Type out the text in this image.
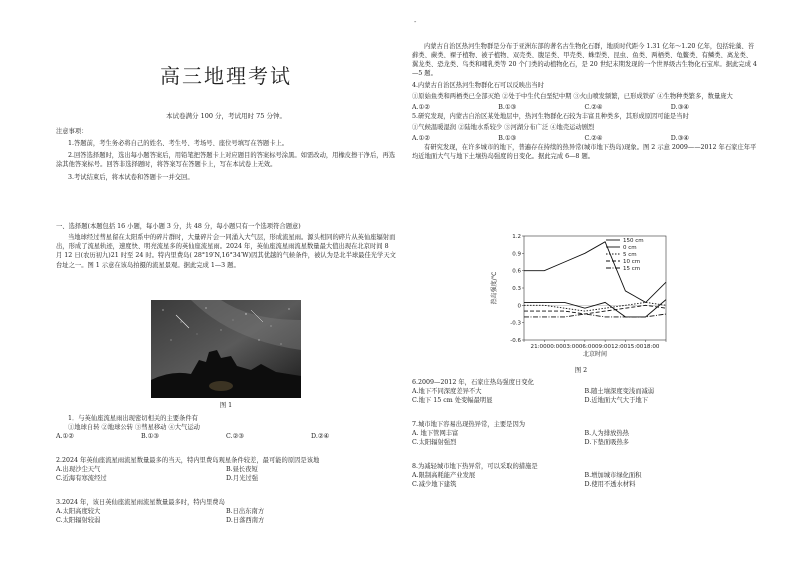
-
高三地理考试
本试卷满分 100 分，考试用时 75 分钟。

注意事项：

1.答题前，考生务必将自己的姓名、考生号、考场号、座位号填写在答题卡上。

2.回答选择题时，选出每小题答案后，用铅笔把答题卡上对应题目的答案标号涂黑。如需改动，用橡皮擦干净后，再选涂其他答案标号。回答非选择题时，将答案写在答题卡上，写在本试卷上无效。

3.考试结束后，将本试卷和答题卡一并交回。

一、选择题(本题包括 16 小题，每小题 3 分，共 48 分，每小题只有一个选项符合题意)

当地球经过彗星留在太阳系中的碎片群时，大量碎片会一同涌入大气层，形成流星雨。源头相同的碎片从英仙座辐射而出，形成了流星轨迹，速度快、明亮流星多的英仙座流星雨。2024 年，英仙座流星雨流星数量最大值出现在北京时间 8 月 12 日(农历初九)21 时至 24 时。特内里费岛( 28°19′N,16°34′W)因其优越的气候条件，被认为是北半球最佳光学天文台址之一。图 1 示意在该岛拍摄的流星景观。据此完成 1—3 题。

图 1
1．与英仙座流星雨出现密切相关的主要条件有
①地球自转 ②地球公转 ③彗星移动 ④大气运动
A.①②	B.①③	C.②③	D.②④
2.2024 年英仙座流星雨流星数量最多的当天，特内里费岛观星条件较差，最可能的原因是该地
A.出现沙尘天气	B.昼长夜短
C.近海有寒流经过	D.月光过强
3.2024 年，该日英仙座流星雨流星数量最多时，特内里费岛
A.太阳高度较大	B.日出东南方
C.太阳辐射较弱	D.日落西南方

内蒙古自治区热河生物群是分布于亚洲东部的著名古生物化石群，地质时代距今 1.31 亿年～1.20 亿年，包括轮藻、苔藓类、蕨类、裸子植物、被子植物、双壳类、腹足类、甲壳类、蛛型类、昆虫、鱼类、两栖类、龟鳖类、有鳞类、离龙类、翼龙类、恐龙类、鸟类和哺乳类等 20 个门类的动植物化石，是 20 世纪末期发现的一个世界级古生物化石宝库。据此完成 4—5 题。

4.内蒙古自治区热河生物群化石可以反映出当时

①原始鱼类和两栖类已全部灭绝 ②处于中生代白垩纪中期 ③火山喷发频繁，已形成铁矿 ④生物种类繁多，数量庞大

A.①②	B.①③	C.②④	D.③④

5.研究发现，内蒙古自治区某处地层中，热河生物群化石较为丰富且种类多，其形成原因可能是当时

①气候温暖湿润 ②陆地水系较少 ③河湖分布广泛 ④地壳运动剧烈

A.①②	B.①③	C.②④	D.③④

有研究发现，在许多城市的地下，普遍存在持续的热异常(城市地下热岛)现象。图 2 示意 2009——2012 年石家庄年平均近地面大气与地下土壤热岛强度的日变化。据此完成 6—8 题。

1.2
0.9
0.6
0.3
0
-0.3
-0.6
21:0000:0003:0006:0009:0012:0015:0018:00
北京时间
热岛强度/℃
150 cm
0 cm
5 cm
10 cm
15 cm
图 2
6.2009—2012 年，石家庄热岛强度日变化
A.地下不同深度差异不大	B.随土壤深度变浅而减弱
C.地下 15 cm 处变幅最明显	D.近地面大气大于地下
7.城市地下容易出现热异常，主要是因为
A. 地下管网丰富	B.人为排放热热
C.太阳辐射强烈	D.下垫面吸热多
8.为减轻城市地下热异常，可以采取的措施是
A.限制高耗能产业发展	B.增加城市绿化面积
C.减少地下建筑	D.使用不透水材料
